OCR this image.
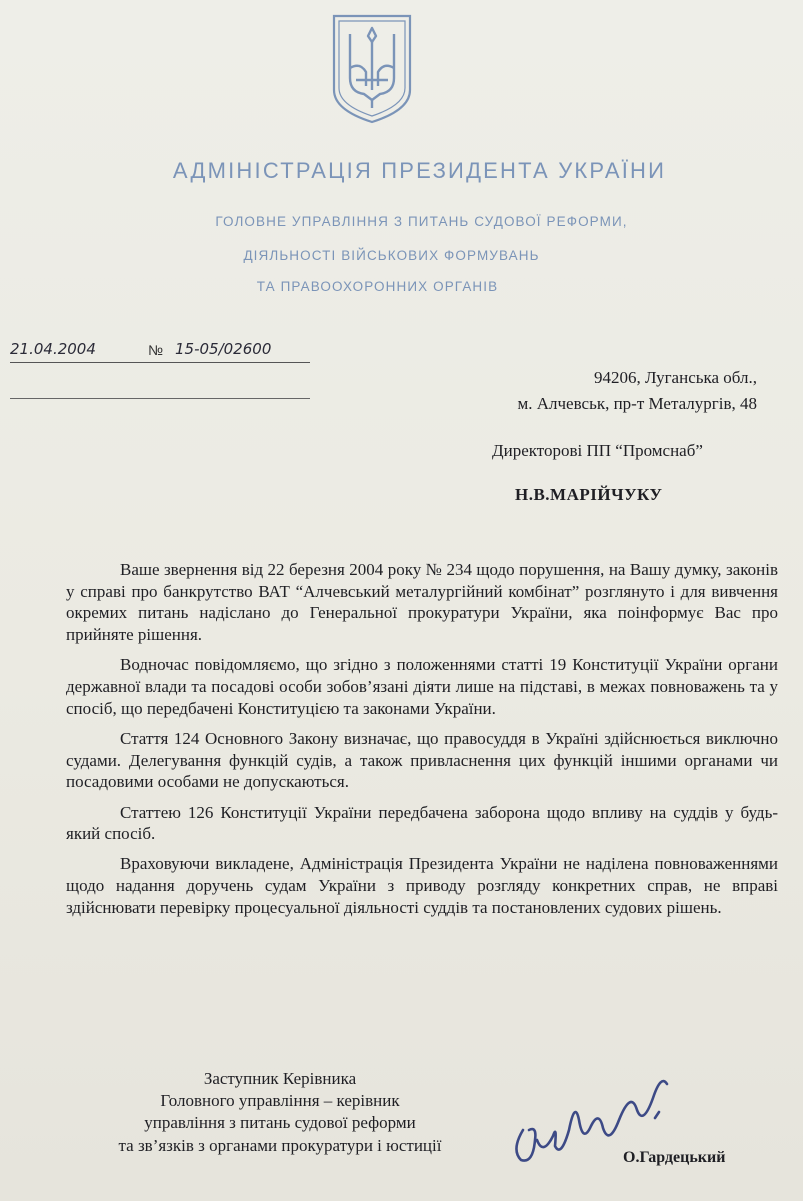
АДМІНІСТРАЦІЯ ПРЕЗИДЕНТА УКРАЇНИ
ГОЛОВНЕ УПРАВЛІННЯ З ПИТАНЬ СУДОВОЇ РЕФОРМИ,
ДІЯЛЬНОСТІ ВІЙСЬКОВИХ ФОРМУВАНЬ
ТА ПРАВООХОРОННИХ ОРГАНІВ
21.04.2004	№ 15-05/02600
94206, Луганська обл.,
м. Алчевськ, пр-т Металургів, 48
Директорові ПП “Промснаб”
Н.В.МАРІЙЧУКУ

Ваше звернення від 22 березня 2004 року № 234 щодо порушення, на Вашу думку, законів у справі про банкрутство ВАТ “Алчевський металургійний комбінат” розглянуто і для вивчення окремих питань надіслано до Генеральної прокуратури України, яка поінформує Вас про прийняте рішення.

Водночас повідомляємо, що згідно з положеннями статті 19 Конституції України органи державної влади та посадові особи зобов’язані діяти лише на підставі, в межах повноважень та у спосіб, що передбачені Конституцією та законами України.

Стаття 124 Основного Закону визначає, що правосуддя в Україні здійснюється виключно судами. Делегування функцій судів, а також привласнення цих функцій іншими органами чи посадовими особами не допускаються.

Статтею 126 Конституції України передбачена заборона щодо впливу на суддів у будь-який спосіб.

Враховуючи викладене, Адміністрація Президента України не наділена повноваженнями щодо надання доручень судам України з приводу розгляду конкретних справ, не вправі здійснювати перевірку процесуальної діяльності суддів та постановлених судових рішень.

Заступник Керівника
Головного управління – керівник
управління з питань судової реформи
та зв’язків з органами прокуратури і юстиції
О.Гардецький
